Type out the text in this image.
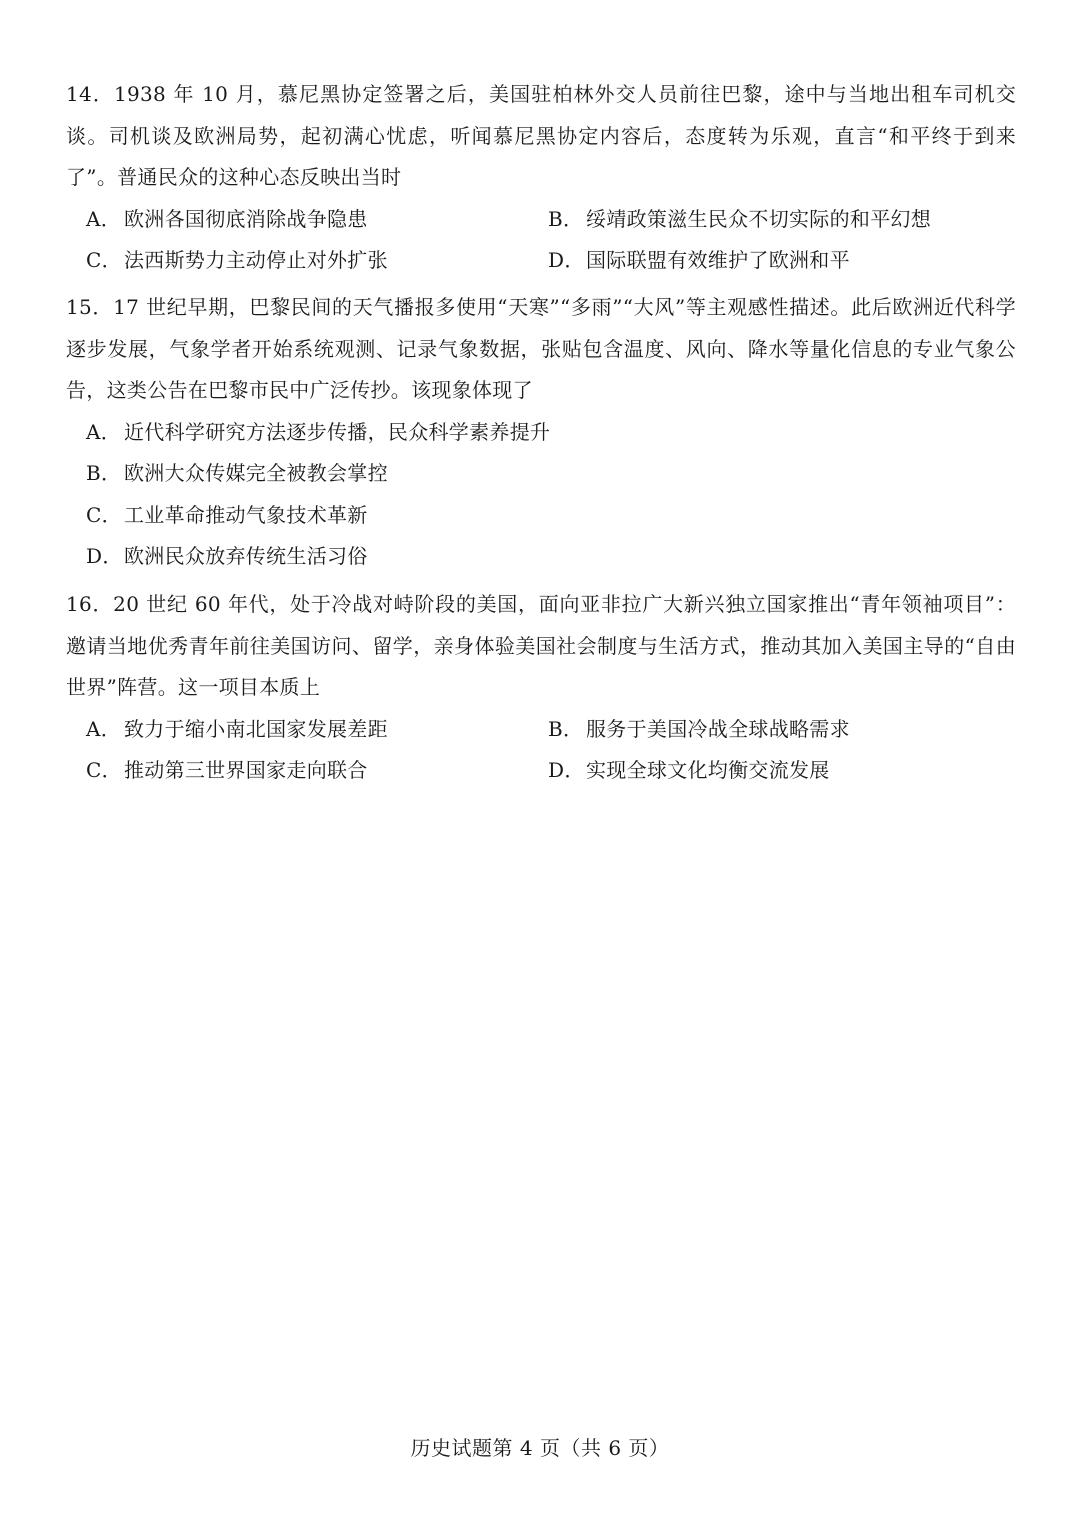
14．1938 年 10 月，慕尼黑协定签署之后，美国驻柏林外交人员前往巴黎，途中与当地出租车司机交谈。司机谈及欧洲局势，起初满心忧虑，听闻慕尼黑协定内容后，态度转为乐观，直言“和平终于到来了”。普通民众的这种心态反映出当时

A． 欧洲各国彻底消除战争隐患	B． 绥靖政策滋生民众不切实际的和平幻想
C． 法西斯势力主动停止对外扩张	D．国际联盟有效维护了欧洲和平

15．17 世纪早期，巴黎民间的天气播报多使用“天寒”“多雨”“大风”等主观感性描述。此后欧洲近代科学逐步发展，气象学者开始系统观测、记录气象数据，张贴包含温度、风向、降水等量化信息的专业气象公告，这类公告在巴黎市民中广泛传抄。该现象体现了

A． 近代科学研究方法逐步传播，民众科学素养提升
B． 欧洲大众传媒完全被教会掌控
C． 工业革命推动气象技术革新
D．欧洲民众放弃传统生活习俗

16．20 世纪 60 年代，处于冷战对峙阶段的美国，面向亚非拉广大新兴独立国家推出“青年领袖项目”：邀请当地优秀青年前往美国访问、留学，亲身体验美国社会制度与生活方式，推动其加入美国主导的“自由世界”阵营。这一项目本质上

A． 致力于缩小南北国家发展差距	B． 服务于美国冷战全球战略需求
C． 推动第三世界国家走向联合	D．实现全球文化均衡交流发展
历史试题第 4 页（共 6 页）
